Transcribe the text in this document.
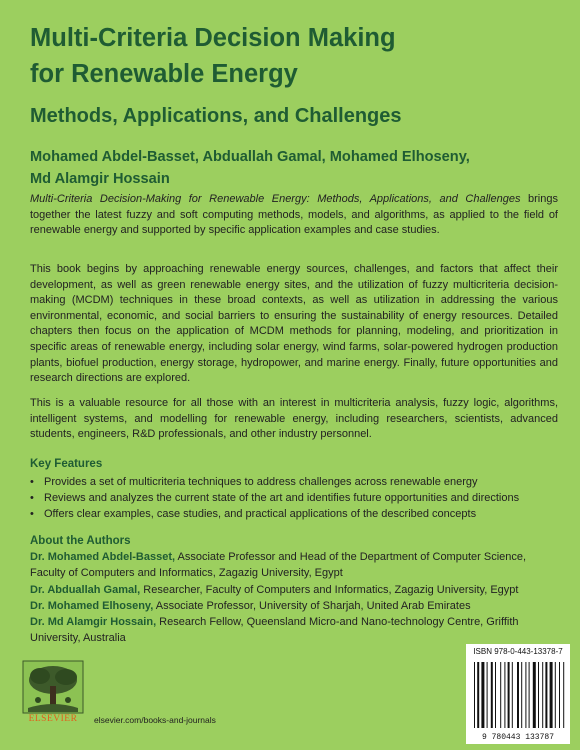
Multi-Criteria Decision Making
for Renewable Energy
Methods, Applications, and Challenges
Mohamed Abdel-Basset, Abduallah Gamal, Mohamed Elhoseny,
Md Alamgir Hossain

Multi-Criteria Decision-Making for Renewable Energy: Methods, Applications, and Challenges brings together the latest fuzzy and soft computing methods, models, and algorithms, as applied to the field of renewable energy and supported by specific application examples and case studies.

This book begins by approaching renewable energy sources, challenges, and factors that affect their development, as well as green renewable energy sites, and the utilization of fuzzy multicriteria decision-making (MCDM) techniques in these broad contexts, as well as utilization in addressing the various environmental, economic, and social barriers to ensuring the sustainability of energy resources. Detailed chapters then focus on the application of MCDM methods for planning, modeling, and prioritization in specific areas of renewable energy, including solar energy, wind farms, solar-powered hydrogen production plants, biofuel production, energy storage, hydropower, and marine energy. Finally, future opportunities and research directions are explored.

This is a valuable resource for all those with an interest in multicriteria analysis, fuzzy logic, algorithms, intelligent systems, and modelling for renewable energy, including researchers, scientists, advanced students, engineers, R&D professionals, and other industry personnel.

Key Features
• Provides a set of multicriteria techniques to address challenges across renewable energy
• Reviews and analyzes the current state of the art and identifies future opportunities and directions
• Offers clear examples, case studies, and practical applications of the described concepts
About the Authors

Dr. Mohamed Abdel-Basset, Associate Professor and Head of the Department of Computer Science, Faculty of Computers and Informatics, Zagazig University, Egypt

Dr. Abduallah Gamal, Researcher, Faculty of Computers and Informatics, Zagazig University, Egypt

Dr. Mohamed Elhoseny, Associate Professor, University of Sharjah, United Arab Emirates

Dr. Md Alamgir Hossain, Research Fellow, Queensland Micro-and Nano-technology Centre, Griffith University, Australia

ELSEVIER	elsevier.com/books-and-journals
ISBN 978-0-443-13378-7
9 780443 133787
